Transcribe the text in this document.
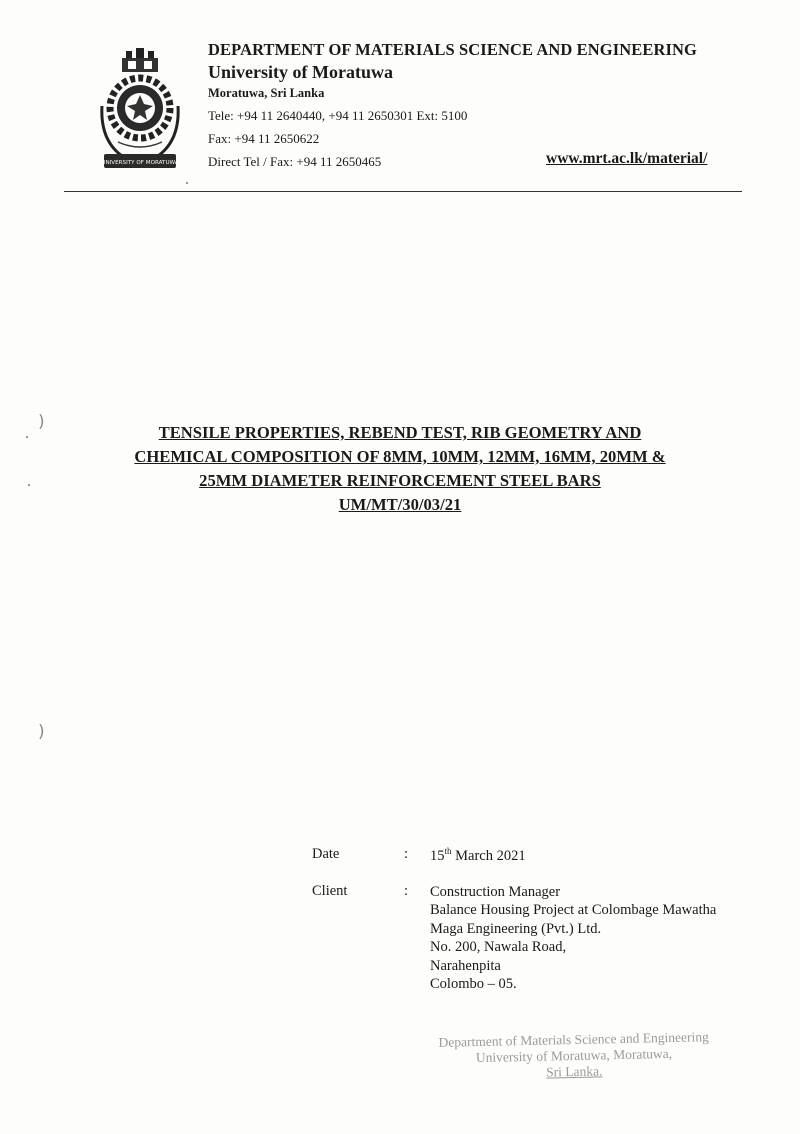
UNIVERSITY OF MORATUWA
DEPARTMENT OF MATERIALS SCIENCE AND ENGINEERING
University of Moratuwa
Moratuwa, Sri Lanka
Tele: +94 11 2640440, +94 11 2650301 Ext: 5100
Fax: +94 11 2650622
Direct Tel / Fax: +94 11 2650465	www.mrt.ac.lk/material/
TENSILE PROPERTIES, REBEND TEST, RIB GEOMETRY AND
CHEMICAL COMPOSITION OF 8MM, 10MM, 12MM, 16MM, 20MM &
25MM DIAMETER REINFORCEMENT STEEL BARS
UM/MT/30/03/21
)
)
Date	: 15th March 2021
Client	: Construction Manager
Balance Housing Project at Colombage Mawatha
Maga Engineering (Pvt.) Ltd.
No. 200, Nawala Road,
Narahenpita
Colombo – 05.
Department of Materials Science and Engineering
University of Moratuwa, Moratuwa,
Sri Lanka.
